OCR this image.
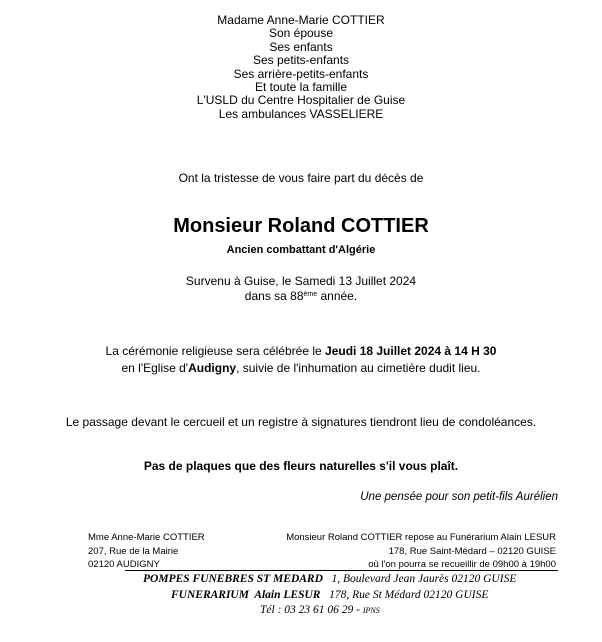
Madame Anne-Marie COTTIER
Son épouse
Ses enfants
Ses petits-enfants
Ses arrière-petits-enfants
Et toute la famille
L'USLD du Centre Hospitalier de Guise
Les ambulances VASSELIERE
Ont la tristesse de vous faire part du décès de
Monsieur Roland COTTIER
Ancien combattant d'Algérie
Survenu à Guise, le Samedi 13 Juillet 2024
dans sa 88ème année.
La cérémonie religieuse sera célébrée le Jeudi 18 Juillet 2024 à 14 H 30
en l'Eglise d'Audigny, suivie de l'inhumation au cimetière dudit lieu.
Le passage devant le cercueil et un registre à signatures tiendront lieu de condoléances.
Pas de plaques que des fleurs naturelles s'il vous plaît.
Une pensée pour son petit-fils Aurélien
Mme Anne-Marie COTTIER
207, Rue de la Mairie
02120 AUDIGNY
Monsieur Roland COTTIER repose au Funérarium Alain LESUR
178, Rue Saint-Médard – 02120 GUISE
où l'on pourra se recueillir de 09h00 à 19h00
POMPES FUNEBRES ST MEDARD   1, Boulevard Jean Jaurès 02120 GUISE
FUNERARIUM  Alain LESUR   178, Rue St Médard 02120 GUISE
Tél : 03 23 61 06 29 - IPNS
